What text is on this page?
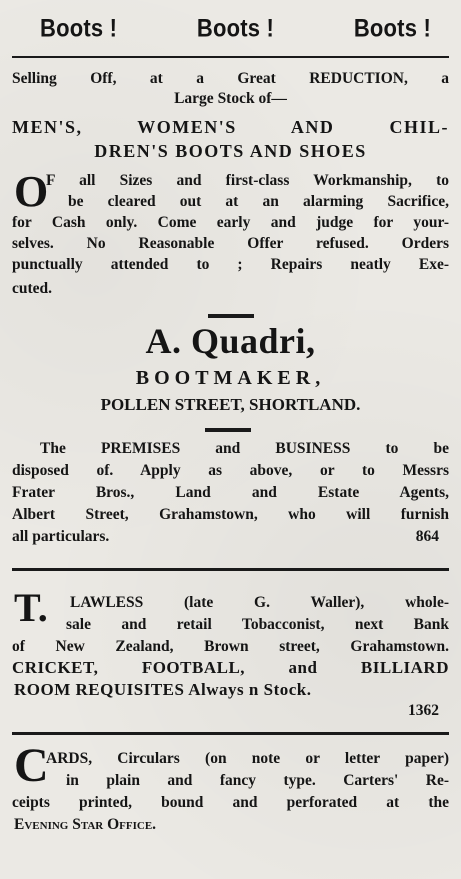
Boots !	Boots !	Boots !
Selling Off, at a Great REDUCTION, a
Large Stock of—
MEN'S, WOMEN'S AND CHIL-
DREN'S BOOTS AND SHOES
O
F all Sizes and first-class Workmanship, to
be cleared out at an alarming Sacrifice,
for Cash only. Come early and judge for your-
selves. No Reasonable Offer refused. Orders
punctually attended to ; Repairs neatly Exe-
cuted.
A. Quadri,
BOOTMAKER,
POLLEN STREET, SHORTLAND.
The PREMISES and BUSINESS to be
disposed of. Apply as above, or to Messrs
Frater Bros., Land and Estate Agents,
Albert Street, Grahamstown, who will furnish
all particulars.	864
T. LAWLESS (late G. Waller), whole-
sale and retail Tobacconist, next Bank
of New Zealand, Brown street, Grahamstown.
CRICKET, FOOTBALL, and BILLIARD
ROOM REQUISITES Always n Stock.
1362
C
ARDS, Circulars (on note or letter paper)
in plain and fancy type. Carters' Re-
ceipts printed, bound and perforated at the
Evening Star Office.
